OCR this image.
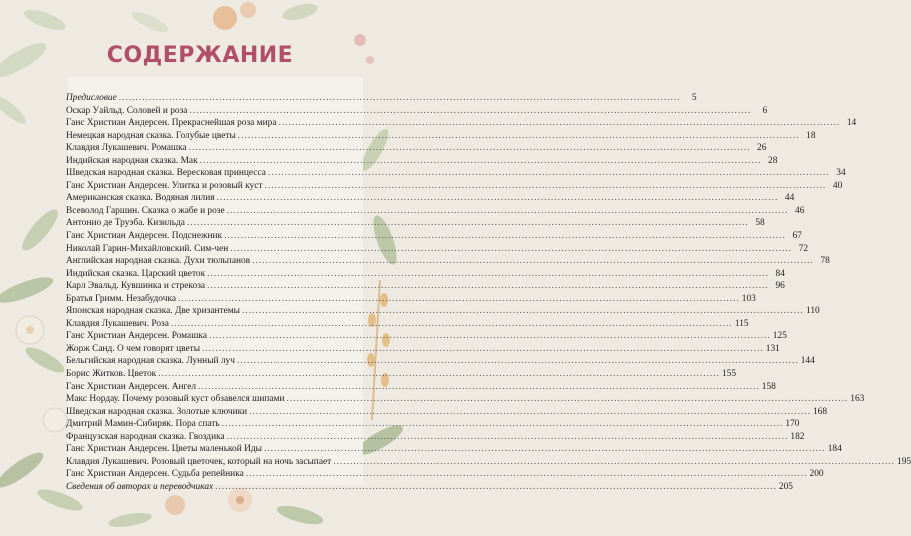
СОДЕРЖАНИЕ
Предисловие .....	5
Оскар Уайльд. Соловей и роза .....	6
Ганс Христиан Андерсен. Прекраснейшая роза мира .....	14
Немецкая народная сказка. Голубые цветы .....	18
Клавдия Лукашевич. Ромашка .....	26
Индийская народная сказка. Мак .....	28
Шведская народная сказка. Вересковая принцесса .....	34
Ганс Христиан Андерсен. Улитка и розовый куст .....	40
Американская сказка. Водяная лилия .....	44
Всеволод Гаршин. Сказка о жабе и розе .....	46
Антонио де Труэба. Кизильда .....	58
Ганс Христиан Андерсен. Подснежник .....	67
Николай Гарин-Михайловский. Сим-чен .....	72
Английская народная сказка. Духи тюльпанов .....	78
Индийская сказка. Царский цветок .....	84
Карл Эвальд. Кувшинка и стрекоза .....	96
Братья Гримм. Незабудочка .....	103
Японская народная сказка. Две хризантемы .....	110
Клавдия Лукашевич. Роза .....	115
Ганс Христиан Андерсен. Ромашка .....	125
Жорж Санд. О чем говорят цветы .....	131
Бельгийская народная сказка. Лунный луч .....	144
Борис Житков. Цветок .....	155
Ганс Христиан Андерсен. Ангел .....	158
Макс Нордау. Почему розовый куст обзавелся шипами .....	163
Шведская народная сказка. Золотые ключики .....	168
Дмитрий Мамин-Сибиряк. Пора спать .....	170
Французская народная сказка. Гвоздика .....	182
Ганс Христиан Андерсен. Цветы маленькой Иды .....	184
Клавдия Лукашевич. Розовый цветочек, который на ночь засыпает .....	195
Ганс Христиан Андерсен. Судьба репейника .....	200
Сведения об авторах и переводчиках .....	205
